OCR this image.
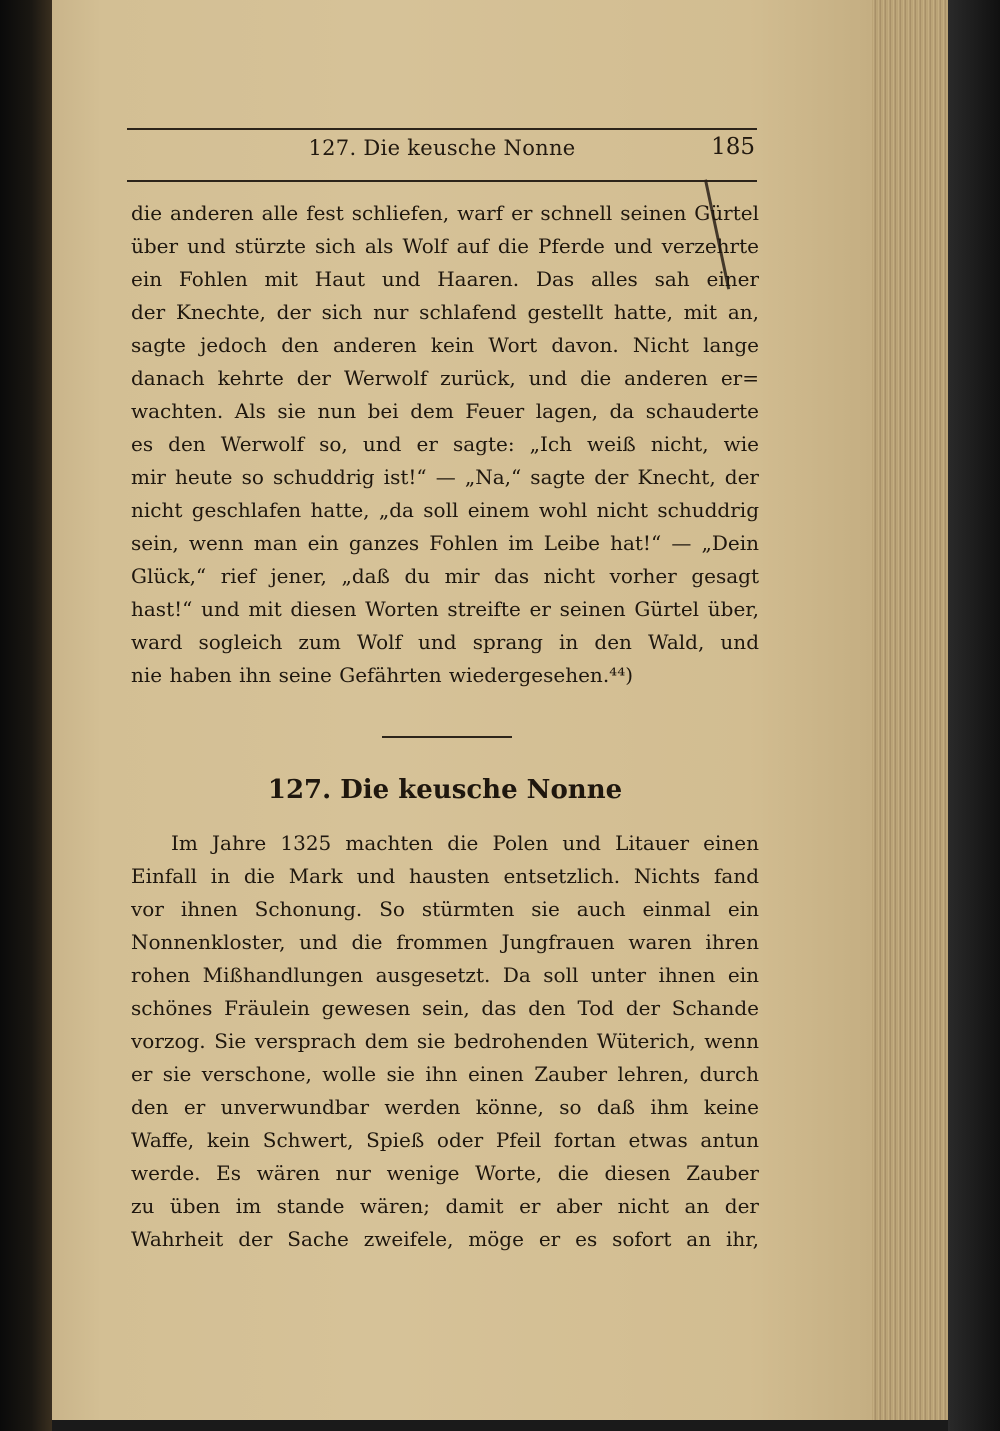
127. Die keusche Nonne	185
die anderen alle fest schliefen, warf er schnell seinen Gürtel
über und stürzte sich als Wolf auf die Pferde und verzehrte
ein Fohlen mit Haut und Haaren. Das alles sah einer
der Knechte, der sich nur schlafend gestellt hatte, mit an,
sagte jedoch den anderen kein Wort davon. Nicht lange
danach kehrte der Werwolf zurück, und die anderen er=
wachten. Als sie nun bei dem Feuer lagen, da schauderte
es den Werwolf so, und er sagte: „Ich weiß nicht, wie
mir heute so schuddrig ist!“ — „Na,“ sagte der Knecht, der
nicht geschlafen hatte, „da soll einem wohl nicht schuddrig
sein, wenn man ein ganzes Fohlen im Leibe hat!“ — „Dein
Glück,“ rief jener, „daß du mir das nicht vorher gesagt
hast!“ und mit diesen Worten streifte er seinen Gürtel über,
ward sogleich zum Wolf und sprang in den Wald, und
nie haben ihn seine Gefährten wiedergesehen.⁴⁴)
127. Die keusche Nonne
Im Jahre 1325 machten die Polen und Litauer einen
Einfall in die Mark und hausten entsetzlich. Nichts fand
vor ihnen Schonung. So stürmten sie auch einmal ein
Nonnenkloster, und die frommen Jungfrauen waren ihren
rohen Mißhandlungen ausgesetzt. Da soll unter ihnen ein
schönes Fräulein gewesen sein, das den Tod der Schande
vorzog. Sie versprach dem sie bedrohenden Wüterich, wenn
er sie verschone, wolle sie ihn einen Zauber lehren, durch
den er unverwundbar werden könne, so daß ihm keine
Waffe, kein Schwert, Spieß oder Pfeil fortan etwas antun
werde. Es wären nur wenige Worte, die diesen Zauber
zu üben im stande wären; damit er aber nicht an der
Wahrheit der Sache zweifele, möge er es sofort an ihr,
